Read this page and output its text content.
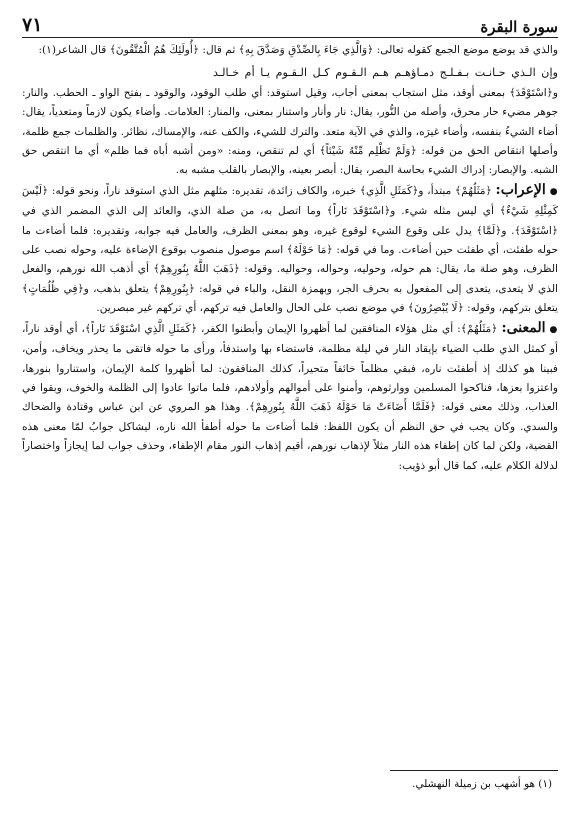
سورة البقرة
٧١

والذي قد يوضع موضع الجمع كقوله تعالى: ﴿وَالَّذِي جَاءَ بِالصِّدْقِ وَصَدَّقَ بِهِ﴾ ثم قال: ﴿أُولَئِكَ هُمُ الْمُتَّقُونَ﴾ قال الشاعر(١):

وإن الـذي حـانـت بـفـلـج دمـاؤهـم هـم الـقـوم كـل الـقـوم يـا أم خـالـد

و﴿اسْتَوْقَدَ﴾ بمعنى أوقد، مثل استجاب بمعنى أجاب، وقيل استوقد: أي طلب الوقود، والوقود ـ بفتح الواو ـ الحطب. والنار: جوهر مضيء حار محرق، وأصله من النُّور، يقال: نار وأنار واستنار بمعنى، والمنار: العلامات. وأضاء يكون لازماً ومتعدياً، يقال: أضاء الشيءُ بنفسه، وأضاء غيرَه، والذي في الآية متعد. والترك للشيء، والكف عنه، والإمساك، نظائر. والظلمات جمع ظلمة، وأصلها انتقاص الحق من قوله: ﴿وَلَمْ تَظْلِم مِّنْهُ شَيْئاً﴾ أي لم تنقص، ومنه: «ومن أشبه أباه فما ظلم» أي ما انتقص حق الشبه. والإبصار: إدراك الشيء بحاسة البصر، يقال: أبصر بعينه، والإبصار بالقلب مشبه به.

●الإعراب: ﴿مَثَلُهُمْ﴾ مبتدأ، و﴿كَمَثَلِ الَّذِي﴾ خبره، والكاف زائدة، تقديره: مثلهم مثل الذي استوقد ناراً، ونحو قوله: ﴿لَيْسَ كَمِثْلِهِ شَيْءٌ﴾ أي ليس مثله شيء. و﴿اسْتَوْقَدَ نَاراً﴾ وما اتصل به، من صلة الذي، والعائد إلى الذي المضمر الذي في ﴿اسْتَوْقَدَ﴾. و﴿لَمَّا﴾ يدل على وقوع الشيء لوقوع غيره، وهو بمعنى الظرف، والعامل فيه جوابه، وتقديره: فلما أضاءت ما حوله طفئت، أي طفئت حين أضاءت. وما في قوله: ﴿مَا حَوْلَهُ﴾ اسم موصول منصوب بوقوع الإضاءة عليه، وحوله نصب على الظرف، وهو صلة ما، يقال: هم حوله، وحوليه، وحواله، وحواليه. وقوله: ﴿ذَهَبَ اللَّهُ بِنُورِهِمْ﴾ أي أذهب الله نورهم، والفعل الذي لا يتعدى، يتعدى إلى المفعول به بحرف الجر، وبهمزة النقل، والباء في قوله: ﴿بِنُورِهِمْ﴾ يتعلق بذهب، و﴿فِي ظُلُمَاتٍ﴾ يتعلق بتركهم، وقوله: ﴿لَا يُبْصِرُونَ﴾ في موضع نصب على الحال والعامل فيه تركهم، أي تركهم غير مبصرين.

●المعنى: ﴿مَثَلُهُمْ﴾: أي مثل هؤلاء المنافقين لما أظهروا الإيمان وأبطنوا الكفر، ﴿كَمَثَلِ الَّذِي اسْتَوْقَدَ نَاراً﴾، أي أوقد ناراً، أو كمثل الذي طلب الضياء بإيقاد النار في ليلة مظلمة، فاستضاء بها واستدفأ، ورأى ما حوله فاتقى ما يحذر ويخاف، وأمن، فبينا هو كذلك إذ أطفئت ناره، فبقي مظلماً خائفاً متحيراً، كذلك المنافقون: لما أظهروا كلمة الإيمان، واستناروا بنورها، واعتزوا بعزها، فناكحوا المسلمين ووارثوهم، وأمنوا على أموالهم وأولادهم، فلما ماتوا عادوا إلى الظلمة والخوف، وبقوا في العذاب، وذلك معنى قوله: ﴿فَلَمَّا أَضَاءَتْ مَا حَوْلَهُ ذَهَبَ اللَّهُ بِنُورِهِمْ﴾. وهذا هو المروي عن ابن عباس وقتادة والضحاك والسدي. وكان يجب في حق النظم أن يكون اللفظ: فلما أضاءت ما حوله أطفأ الله ناره، ليشاكل جوابُ لمّا معنى هذه القضية، ولكن لما كان إطفاء هذه النار مثلاً لإذهاب نورهم، أقيم إذهاب النور مقام الإطفاء، وحذف جواب لما إيجازاً واختصاراً لدلالة الكلام عليه، كما قال أبو ذؤيب:

(١) هو أشهب بن زميلة النهشلي.
